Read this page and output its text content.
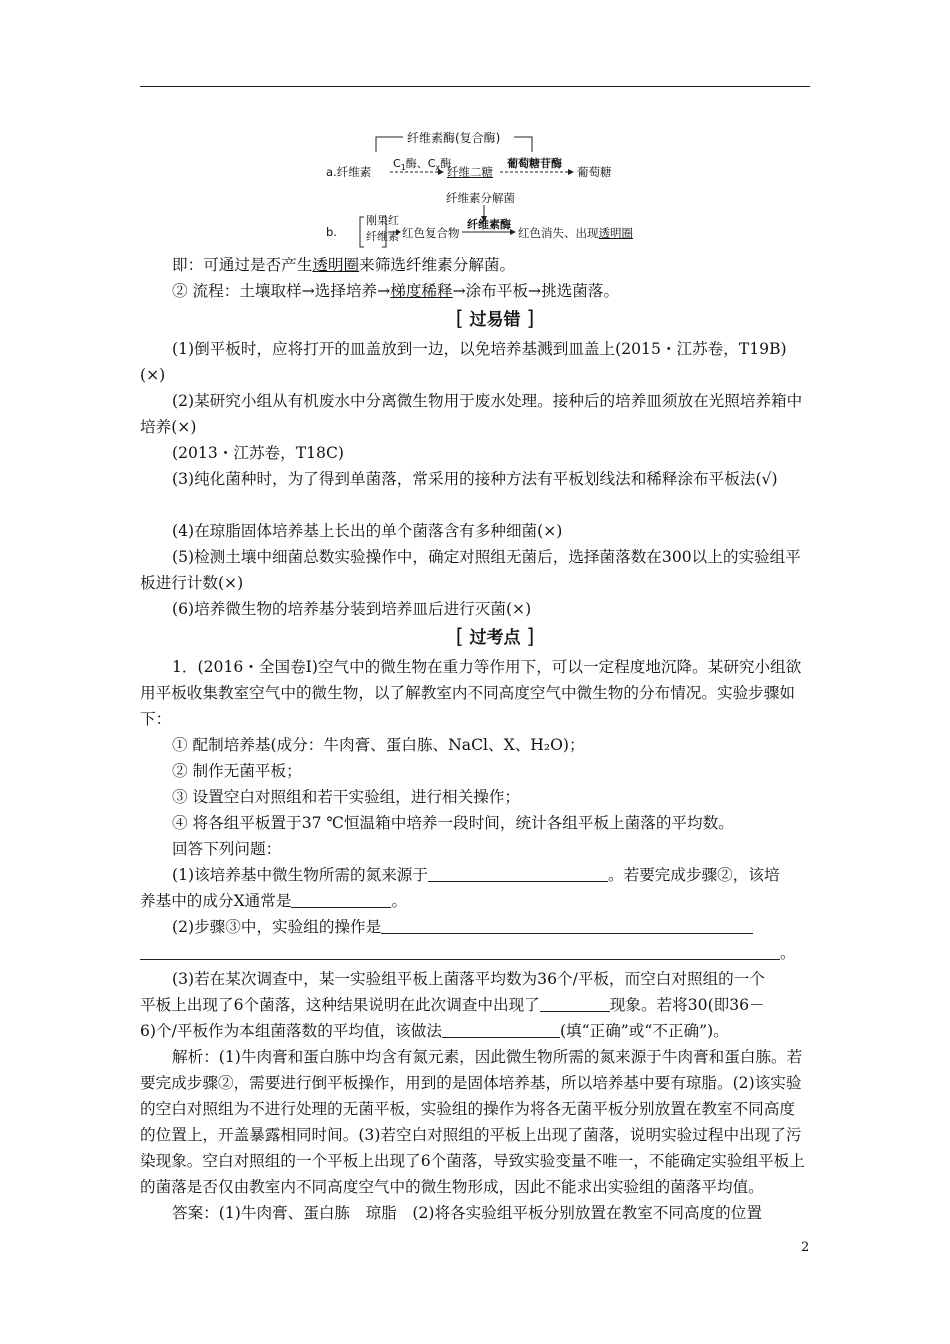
纤维素酶(复合酶)
a.纤维素
$C_1$酶、$C_x$酶
纤维二糖
葡萄糖苷酶
葡萄糖
纤维素分解菌
b.
刚果红
纤维素 红色复合物
纤维素酶
红色消失、出现透明圈
即：可通过是否产生透明圈来筛选纤维素分解菌。
② 流程：土壤取样→选择培养→梯度稀释→涂布平板→挑选菌落。
[ 过易错 ]
(1)倒平板时，应将打开的皿盖放到一边，以免培养基溅到皿盖上(2015・江苏卷，T19B)(×)
(2)某研究小组从有机废水中分离微生物用于废水处理。接种后的培养皿须放在光照培养箱中培养(×)
(2013・江苏卷，T18C)
(3)纯化菌种时，为了得到单菌落，常采用的接种方法有平板划线法和稀释涂布平板法(√)
(4)在琼脂固体培养基上长出的单个菌落含有多种细菌(×)
(5)检测土壤中细菌总数实验操作中，确定对照组无菌后，选择菌落数在300以上的实验组平板进行计数(×)
(6)培养微生物的培养基分装到培养皿后进行灭菌(×)
[ 过考点 ]
1．(2016・全国卷Ⅰ)空气中的微生物在重力等作用下，可以一定程度地沉降。某研究小组欲用平板收集教室空气中的微生物，以了解教室内不同高度空气中微生物的分布情况。实验步骤如下：
① 配制培养基(成分：牛肉膏、蛋白胨、NaCl、X、H₂O)；
② 制作无菌平板；
③ 设置空白对照组和若干实验组，进行相关操作；
④ 将各组平板置于37 ℃恒温箱中培养一段时间，统计各组平板上菌落的平均数。
回答下列问题：
(1)该培养基中微生物所需的氮来源于	。若要完成步骤②，该培
养基中的成分X通常是	。
(2)步骤③中，实验组的操作是
。
(3)若在某次调查中，某一实验组平板上菌落平均数为36个/平板，而空白对照组的一个
平板上出现了6个菌落，这种结果说明在此次调查中出现了	现象。若将30(即36－
6)个/平板作为本组菌落数的平均值，该做法	(填“正确”或“不正确”)。
解析：(1)牛肉膏和蛋白胨中均含有氮元素，因此微生物所需的氮来源于牛肉膏和蛋白胨。若要完成步骤②，需要进行倒平板操作，用到的是固体培养基，所以培养基中要有琼脂。(2)该实验的空白对照组为不进行处理的无菌平板，实验组的操作为将各无菌平板分别放置在教室不同高度的位置上，开盖暴露相同时间。(3)若空白对照组的平板上出现了菌落，说明实验过程中出现了污染现象。空白对照组的一个平板上出现了6个菌落，导致实验变量不唯一，不能确定实验组平板上的菌落是否仅由教室内不同高度空气中的微生物形成，因此不能求出实验组的菌落平均值。
答案：(1)牛肉膏、蛋白胨　琼脂　(2)将各实验组平板分别放置在教室不同高度的位置
2
